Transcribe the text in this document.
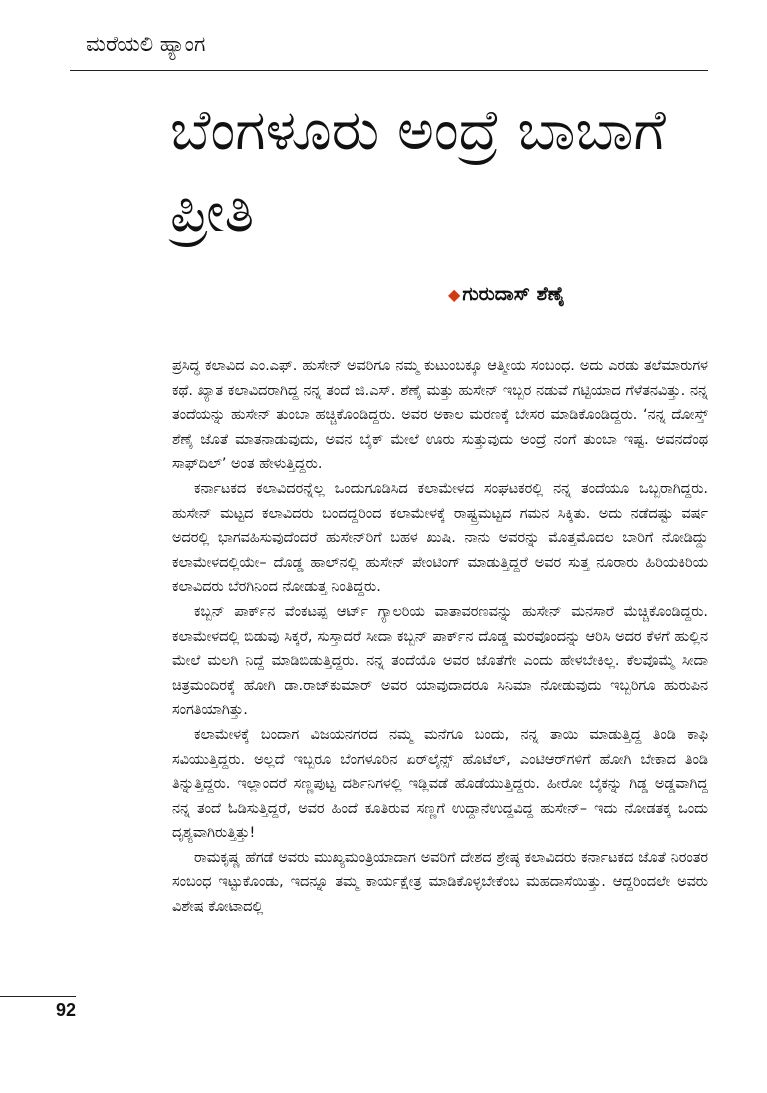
ಮರೆಯಲಿ ಹ್ಯಾಂಗ
ಬೆಂಗಳೂರು ಅಂದ್ರೆ ಬಾಬಾಗೆ ಪ್ರೀತಿ
◆ ಗುರುದಾಸ್ ಶೆಣೈ

ಪ್ರಸಿದ್ಧ ಕಲಾವಿದ ಎಂ.ಎಫ್. ಹುಸೇನ್ ಅವರಿಗೂ ನಮ್ಮ ಕುಟುಂಬಕ್ಕೂ ಆತ್ಮೀಯ ಸಂಬಂಧ. ಅದು ಎರಡು ತಲೆಮಾರುಗಳ ಕಥೆ. ಖ್ಯಾತ ಕಲಾವಿದರಾಗಿದ್ದ ನನ್ನ ತಂದೆ ಜಿ.ಎಸ್. ಶೆಣೈ ಮತ್ತು ಹುಸೇನ್ ಇಬ್ಬರ ನಡುವೆ ಗಟ್ಟಿಯಾದ ಗೆಳೆತನವಿತ್ತು. ನನ್ನ ತಂದೆಯನ್ನು ಹುಸೇನ್ ತುಂಬಾ ಹಚ್ಚಿಕೊಂಡಿದ್ದರು. ಅವರ ಅಕಾಲ ಮರಣಕ್ಕೆ ಬೇಸರ ಮಾಡಿಕೊಂಡಿದ್ದರು. ‘ನನ್ನ ದೋಸ್ತ್ ಶೆಣೈ ಜೊತೆ ಮಾತನಾಡುವುದು, ಅವನ ಬೈಕ್ ಮೇಲೆ ಊರು ಸುತ್ತುವುದು ಅಂದ್ರೆ ನಂಗೆ ತುಂಬಾ ಇಷ್ಟ. ಅವನದೆಂಥ ಸಾಫ್‌ದಿಲ್’ ಅಂತ ಹೇಳುತ್ತಿದ್ದರು.

ಕರ್ನಾಟಕದ ಕಲಾವಿದರನ್ನೆಲ್ಲ ಒಂದುಗೂಡಿಸಿದ ಕಲಾಮೇಳದ ಸಂಘಟಕರಲ್ಲಿ ನನ್ನ ತಂದೆಯೂ ಒಬ್ಬರಾಗಿದ್ದರು. ಹುಸೇನ್ ಮಟ್ಟದ ಕಲಾವಿದರು ಬಂದದ್ದರಿಂದ ಕಲಾಮೇಳಕ್ಕೆ ರಾಷ್ಟ್ರಮಟ್ಟದ ಗಮನ ಸಿಕ್ಕಿತು. ಅದು ನಡೆದಷ್ಟು ವರ್ಷ ಅದರಲ್ಲಿ ಭಾಗವಹಿಸುವುದೆಂದರೆ ಹುಸೇನ್‌ರಿಗೆ ಬಹಳ ಖುಷಿ. ನಾನು ಅವರನ್ನು ಮೊತ್ತಮೊದಲ ಬಾರಿಗೆ ನೋಡಿದ್ದು ಕಲಾಮೇಳದಲ್ಲಿಯೇ– ದೊಡ್ಡ ಹಾಲ್‌ನಲ್ಲಿ ಹುಸೇನ್ ಪೇಂಟಿಂಗ್ ಮಾಡುತ್ತಿದ್ದರೆ ಅವರ ಸುತ್ತ ನೂರಾರು ಹಿರಿಯಕಿರಿಯ ಕಲಾವಿದರು ಬೆರಗಿನಿಂದ ನೋಡುತ್ತ ನಿಂತಿದ್ದರು.

ಕಬ್ಬನ್ ಪಾರ್ಕ್‌ನ ವೆಂಕಟಪ್ಪ ಆರ್ಟ್ ಗ್ಯಾಲರಿಯ ವಾತಾವರಣವನ್ನು ಹುಸೇನ್ ಮನಸಾರೆ ಮೆಚ್ಚಿಕೊಂಡಿದ್ದರು. ಕಲಾಮೇಳದಲ್ಲಿ ಬಿಡುವು ಸಿಕ್ಕರೆ, ಸುಸ್ತಾದರೆ ಸೀದಾ ಕಬ್ಬನ್ ಪಾರ್ಕ್‌ನ ದೊಡ್ಡ ಮರವೊಂದನ್ನು ಆರಿಸಿ ಅದರ ಕೆಳಗೆ ಹುಲ್ಲಿನ ಮೇಲೆ ಮಲಗಿ ನಿದ್ದೆ ಮಾಡಿಬಿಡುತ್ತಿದ್ದರು. ನನ್ನ ತಂದೆಯೊ ಅವರ ಜೊತೆಗೇ ಎಂದು ಹೇಳಬೇಕಿಲ್ಲ. ಕೆಲವೊಮ್ಮೆ ಸೀದಾ ಚಿತ್ರಮಂದಿರಕ್ಕೆ ಹೋಗಿ ಡಾ.ರಾಜ್‌ಕುಮಾರ್ ಅವರ ಯಾವುದಾದರೂ ಸಿನಿಮಾ ನೋಡುವುದು ಇಬ್ಬರಿಗೂ ಹುರುಪಿನ ಸಂಗತಿಯಾಗಿತ್ತು.

ಕಲಾಮೇಳಕ್ಕೆ ಬಂದಾಗ ವಿಜಯನಗರದ ನಮ್ಮ ಮನೆಗೂ ಬಂದು, ನನ್ನ ತಾಯಿ ಮಾಡುತ್ತಿದ್ದ ತಿಂಡಿ ಕಾಫಿ ಸವಿಯುತ್ತಿದ್ದರು. ಅಲ್ಲದೆ ಇಬ್ಬರೂ ಬೆಂಗಳೂರಿನ ಏರ್‌ಲೈನ್ಸ್ ಹೊಟೆಲ್, ಎಂಟಿಆರ್‌ಗಳಿಗೆ ಹೋಗಿ ಬೇಕಾದ ತಿಂಡಿ ತಿನ್ನುತ್ತಿದ್ದರು. ಇಲ್ಲಾಂದರೆ ಸಣ್ಣಪುಟ್ಟ ದರ್ಶಿನಿಗಳಲ್ಲಿ ಇಡ್ಲಿವಡೆ ಹೊಡೆಯುತ್ತಿದ್ದರು. ಹೀರೋ ಬೈಕನ್ನು ಗಿಡ್ಡ ಅಡ್ಡವಾಗಿದ್ದ ನನ್ನ ತಂದೆ ಓಡಿಸುತ್ತಿದ್ದರೆ, ಅವರ ಹಿಂದೆ ಕೂತಿರುವ ಸಣ್ಣಗೆ ಉದ್ದಾನೆಉದ್ದವಿದ್ದ ಹುಸೇನ್– ಇದು ನೋಡತಕ್ಕ ಒಂದು ದೃಶ್ಯವಾಗಿರುತ್ತಿತ್ತು!

ರಾಮಕೃಷ್ಣ ಹೆಗಡೆ ಅವರು ಮುಖ್ಯಮಂತ್ರಿಯಾದಾಗ ಅವರಿಗೆ ದೇಶದ ಶ್ರೇಷ್ಠ ಕಲಾವಿದರು ಕರ್ನಾಟಕದ ಜೊತೆ ನಿರಂತರ ಸಂಬಂಧ ಇಟ್ಟುಕೊಂಡು, ಇದನ್ನೂ ತಮ್ಮ ಕಾರ್ಯಕ್ಷೇತ್ರ ಮಾಡಿಕೊಳ್ಳಬೇಕೆಂಬ ಮಹದಾಸೆಯಿತ್ತು. ಆದ್ದರಿಂದಲೇ ಅವರು ವಿಶೇಷ ಕೋಟಾದಲ್ಲಿ

92
